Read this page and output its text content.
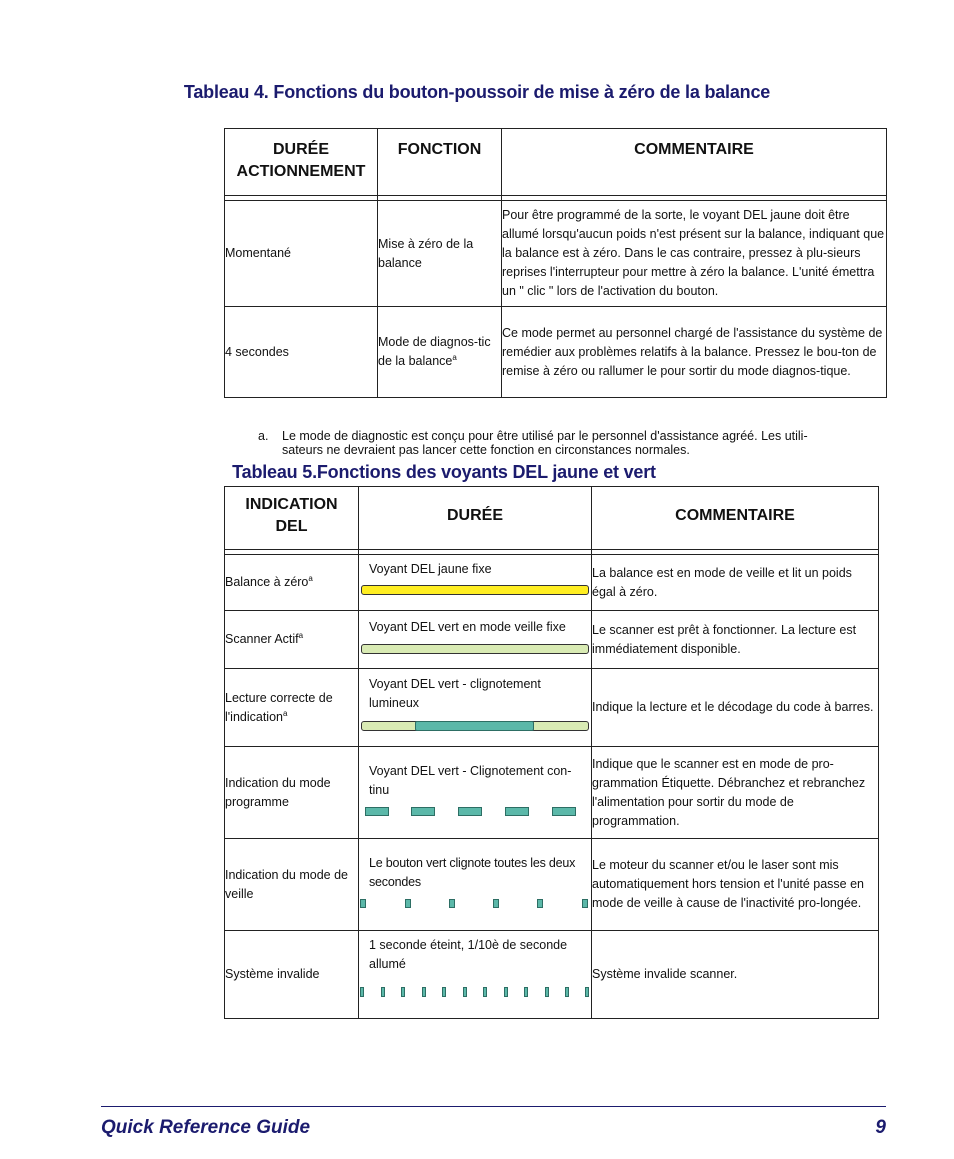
Tableau 4. Fonctions du bouton-poussoir de mise à zéro de la balance
DURÉE ACTIONNEMENT	FONCTION	COMMENTAIRE
Momentané	Mise à zéro de la balance	Pour être programmé de la sorte, le voyant DEL jaune doit être allumé lorsqu'aucun poids n'est présent sur la balance, indiquant que la balance est à zéro. Dans le cas contraire, pressez à plu-sieurs reprises l'interrupteur pour mettre à zéro la balance. L'unité émettra un " clic " lors de l'activation du bouton.
4 secondes	Mode de diagnos-tic de la balance$^a$	Ce mode permet au personnel chargé de l'assistance du système de remédier aux problèmes relatifs à la balance. Pressez le bou-ton de remise à zéro ou rallumer le pour sortir du mode diagnos-tique.
a. Le mode de diagnostic est conçu pour être utilisé par le personnel d'assistance agréé. Les utili-sateurs ne devraient pas lancer cette fonction en circonstances normales.
Tableau 5.Fonctions des voyants DEL jaune et vert
INDICATION DEL	DURÉE	COMMENTAIRE
Balance à zéro$^a$	Voyant DEL jaune fixe	La balance est en mode de veille et lit un poids égal à zéro.
Scanner Actif$^a$	Voyant DEL vert en mode veille fixe	Le scanner est prêt à fonctionner. La lecture est immédiatement disponible.
Lecture correcte de l'indication$^a$	Voyant DEL vert - clignotement lumineux	Indique la lecture et le décodage du code à barres.
Indication du mode programme	Voyant DEL vert - Clignotement con-tinu	Indique que le scanner est en mode de pro-grammation Étiquette. Débranchez et rebranchez l'alimentation pour sortir du mode de programmation.
Indication du mode de veille	Le bouton vert clignote toutes les deux secondes	Le moteur du scanner et/ou le laser sont mis automatiquement hors tension et l'unité passe en mode de veille à cause de l'inactivité pro-longée.
Système invalide	1 seconde éteint, 1/10è de seconde allumé	Système invalide scanner.
Quick Reference Guide	9
